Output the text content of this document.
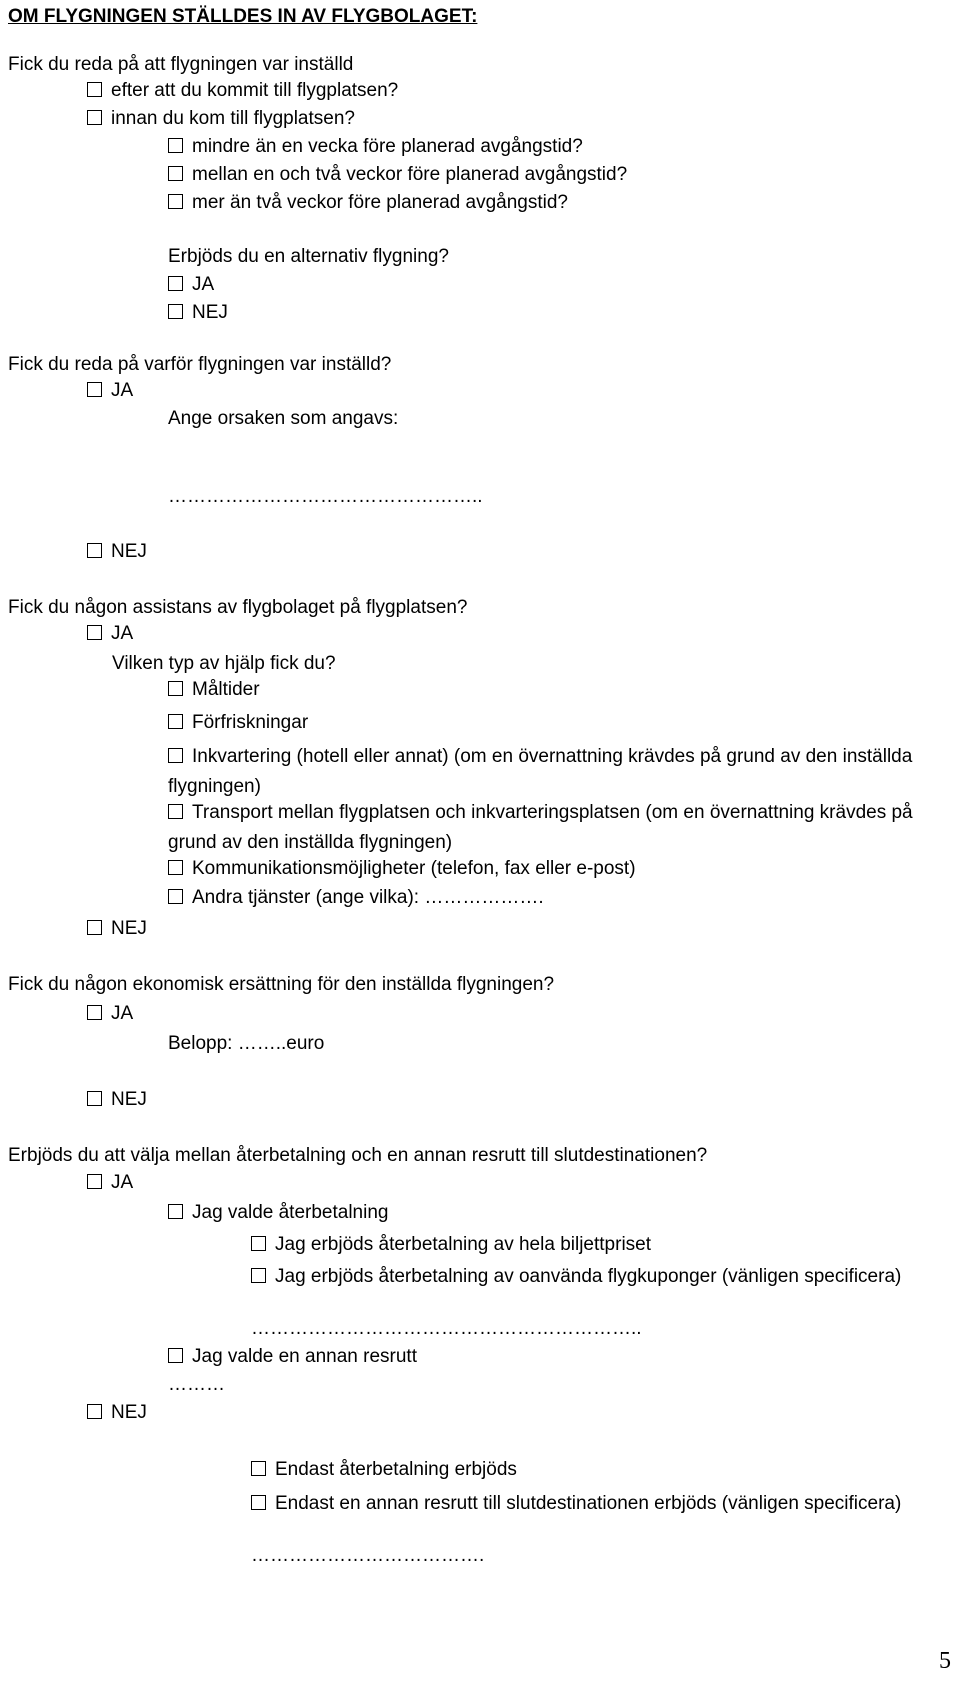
OM FLYGNINGEN STÄLLDES IN AV FLYGBOLAGET:
Fick du reda på att flygningen var inställd
efter att du kommit till flygplatsen?
innan du kom till flygplatsen?
mindre än en vecka före planerad avgångstid?
mellan en och två veckor före planerad avgångstid?
mer än två veckor före planerad avgångstid?
Erbjöds du en alternativ flygning?
JA
NEJ
Fick du reda på varför flygningen var inställd?
JA
Ange orsaken som angavs:
…………………………………………..
NEJ
Fick du någon assistans av flygbolaget på flygplatsen?
JA
Vilken typ av hjälp fick du?
Måltider
Förfriskningar
Inkvartering (hotell eller annat) (om en övernattning krävdes på grund av den inställda flygningen)
Transport mellan flygplatsen och inkvarteringsplatsen (om en övernattning krävdes på grund av den inställda flygningen)
Kommunikationsmöjligheter (telefon, fax eller e-post)
Andra tjänster (ange vilka): ……………….
NEJ
Fick du någon ekonomisk ersättning för den inställda flygningen?
JA
Belopp: ……..euro
NEJ
Erbjöds du att välja mellan återbetalning och en annan resrutt till slutdestinationen?
JA
Jag valde återbetalning
Jag erbjöds återbetalning av hela biljettpriset
Jag erbjöds återbetalning av oanvända flygkuponger (vänligen specificera)
……………………………………………………..
Jag valde en annan resrutt
………
NEJ
Endast återbetalning erbjöds
Endast en annan resrutt till slutdestinationen erbjöds (vänligen specificera)
……………………………….
5
